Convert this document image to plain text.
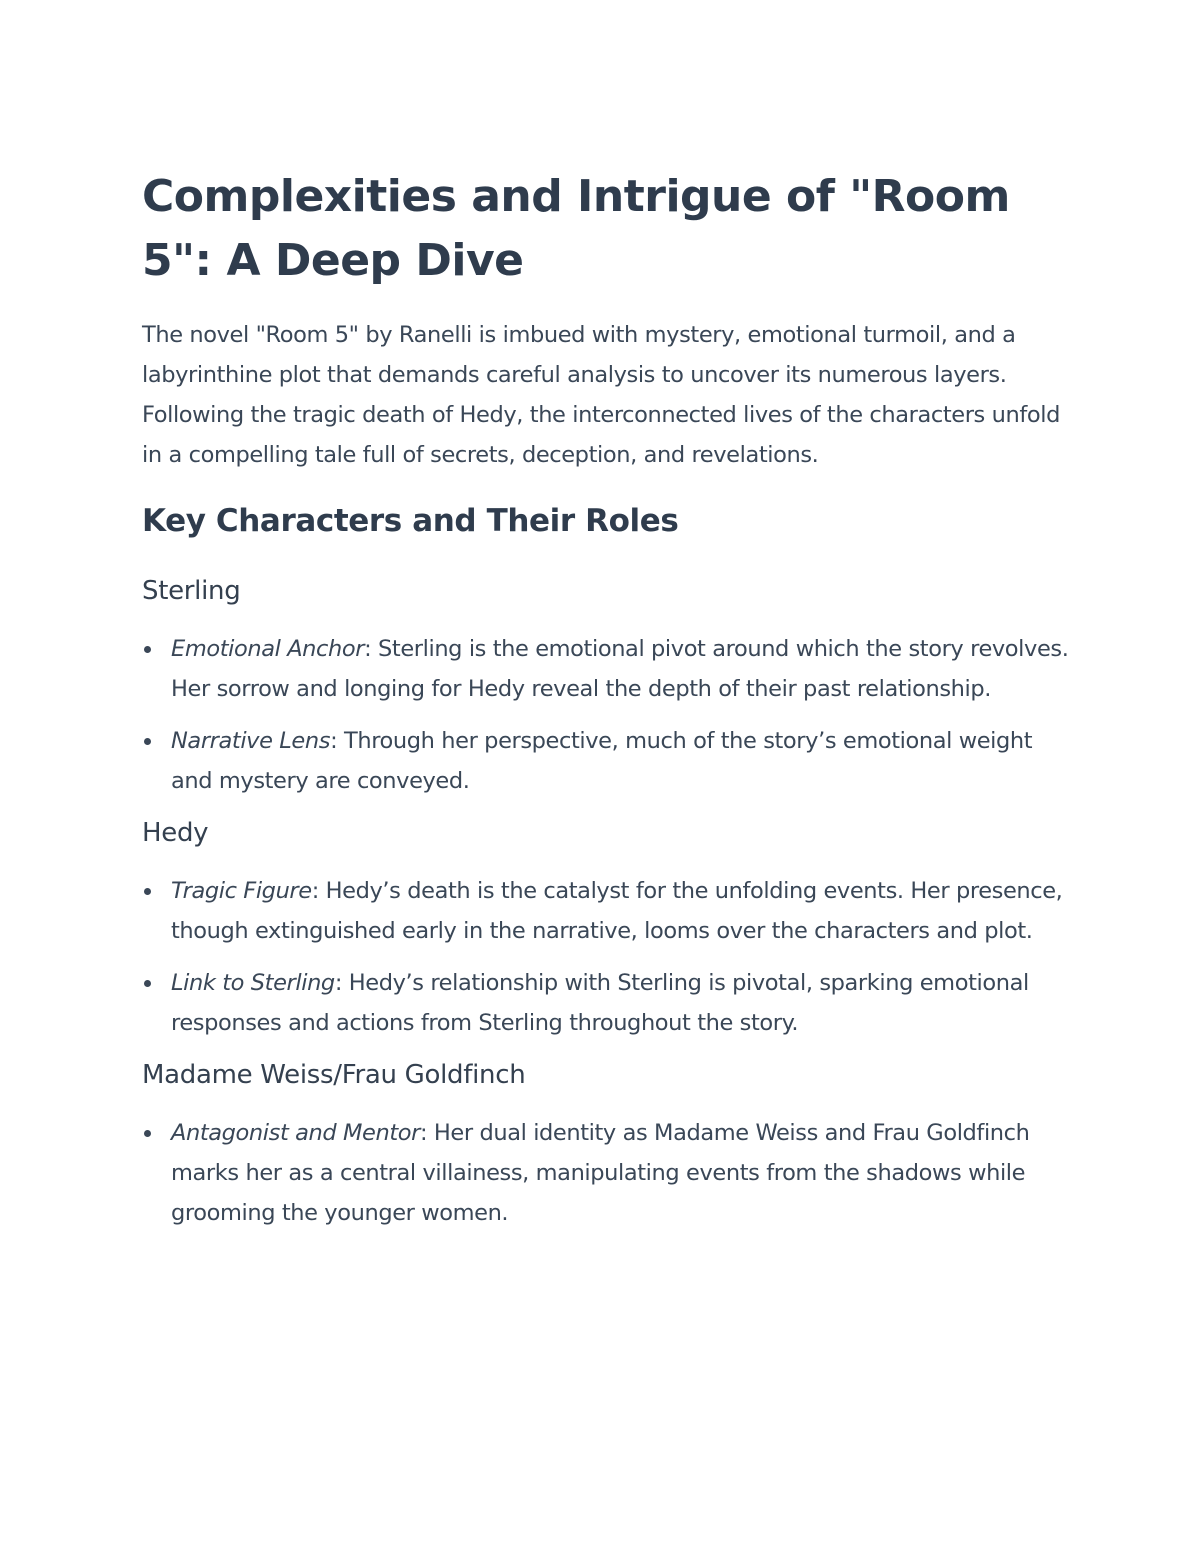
Complexities and Intrigue of "Room 5": A Deep Dive

The novel "Room 5" by Ranelli is imbued with mystery, emotional turmoil, and a labyrinthine plot that demands careful analysis to uncover its numerous layers. Following the tragic death of Hedy, the interconnected lives of the characters unfold in a compelling tale full of secrets, deception, and revelations.

Key Characters and Their Roles
Sterling
Emotional Anchor: Sterling is the emotional pivot around which the story revolves. Her sorrow and longing for Hedy reveal the depth of their past relationship.
Narrative Lens: Through her perspective, much of the story’s emotional weight and mystery are conveyed.
Hedy
Tragic Figure: Hedy’s death is the catalyst for the unfolding events. Her presence, though extinguished early in the narrative, looms over the characters and plot.
Link to Sterling: Hedy’s relationship with Sterling is pivotal, sparking emotional responses and actions from Sterling throughout the story.
Madame Weiss/Frau Goldfinch
Antagonist and Mentor: Her dual identity as Madame Weiss and Frau Goldfinch marks her as a central villainess, manipulating events from the shadows while grooming the younger women.
